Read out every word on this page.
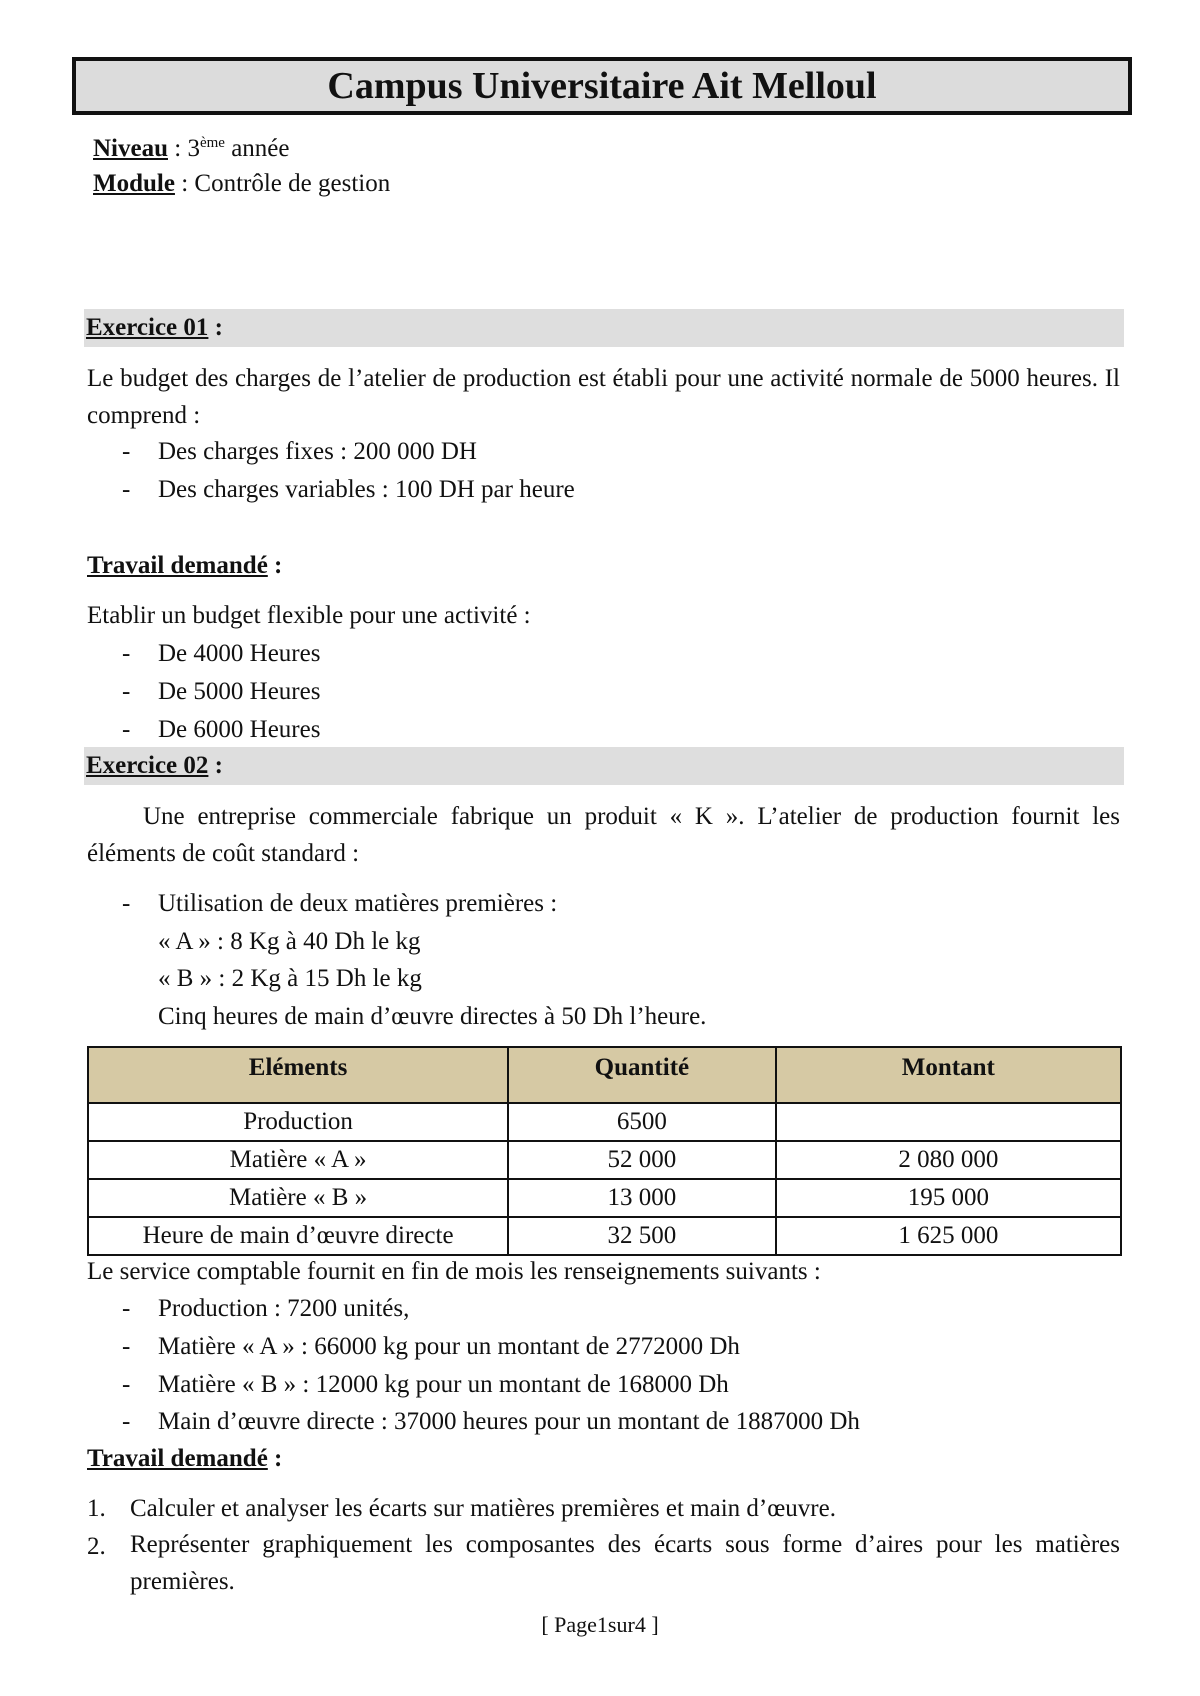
Campus Universitaire Ait Melloul
Niveau : 3ème année
Module : Contrôle de gestion
Exercice 01 :
Le budget des charges de l’atelier de production est établi pour une activité normale de 5000 heures. Il comprend :
- Des charges fixes : 200 000 DH
- Des charges variables : 100 DH par heure
Travail demandé :
Etablir un budget flexible pour une activité :
- De 4000 Heures
- De 5000 Heures
- De 6000 Heures
Exercice 02 :
Une entreprise commerciale fabrique un produit « K ». L’atelier de production fournit les éléments de coût standard :
- Utilisation de deux matières premières :
« A » : 8 Kg à 40 Dh le kg
« B » : 2 Kg à 15 Dh le kg
Cinq heures de main d’œuvre directes à 50 Dh l’heure.
Eléments	Quantité	Montant
Production	6500	
Matière « A »	52 000	2 080 000
Matière « B »	13 000	195 000
Heure de main d’œuvre directe	32 500	1 625 000
Le service comptable fournit en fin de mois les renseignements suivants :
- Production : 7200 unités,
- Matière « A » : 66000 kg pour un montant de 2772000 Dh
- Matière « B » : 12000 kg pour un montant de 168000 Dh
- Main d’œuvre directe : 37000 heures pour un montant de 1887000 Dh
Travail demandé :
1. Calculer et analyser les écarts sur matières premières et main d’œuvre.
2. Représenter graphiquement les composantes des écarts sous forme d’aires pour les matières premières.
[ Page1sur4 ]
